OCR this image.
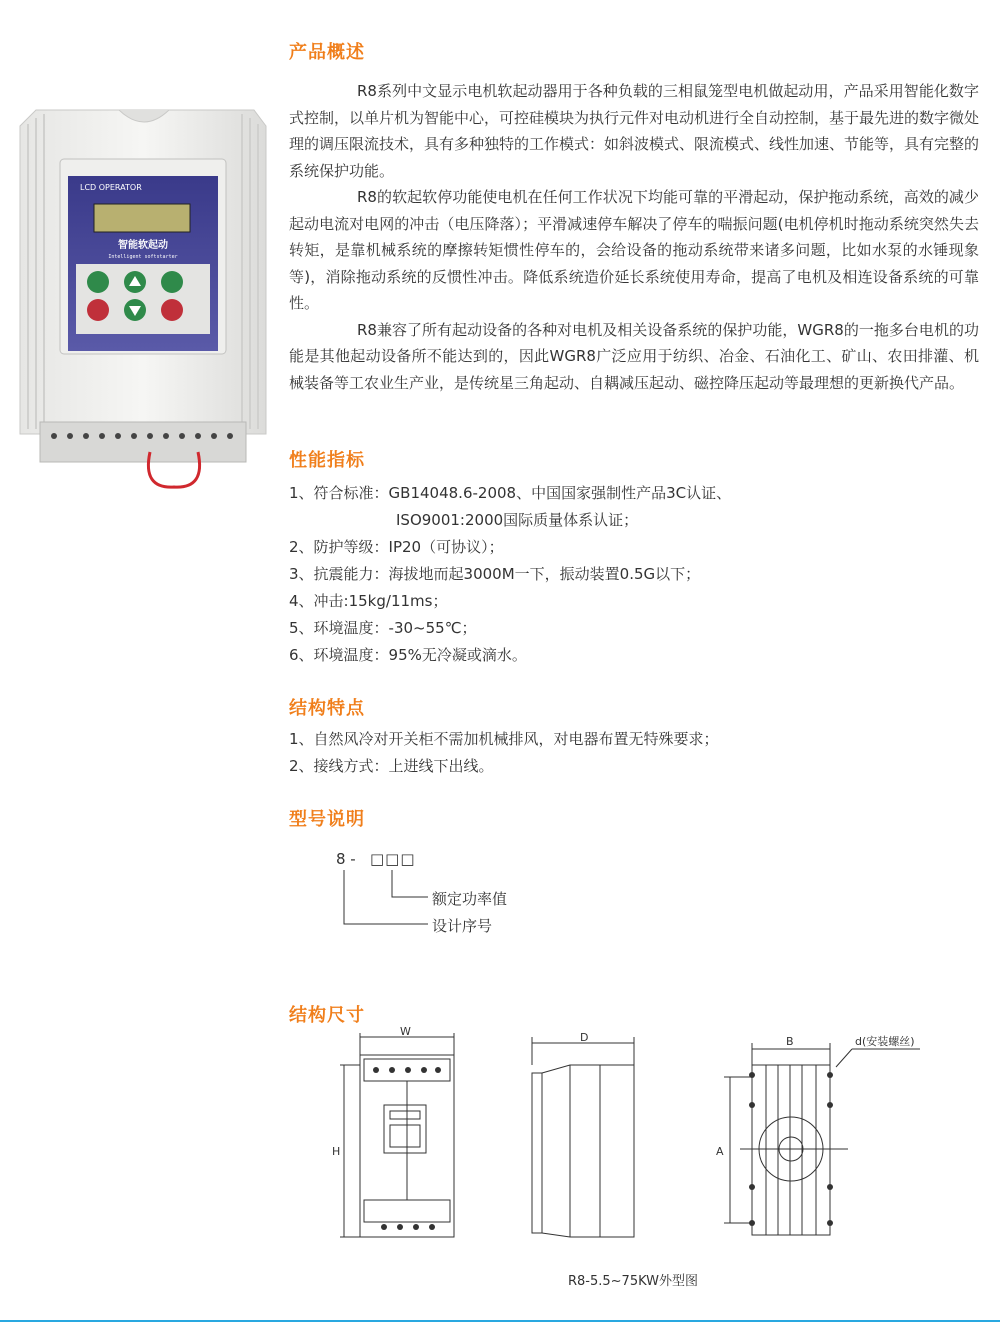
LCD OPERATOR
智能软起动
Intelligent softstarter
产品概述

R8系列中文显示电机软起动器用于各种负载的三相鼠笼型电机做起动用，产品采用智能化数字式控制，以单片机为智能中心，可控硅模块为执行元件对电动机进行全自动控制，基于最先进的数字微处理的调压限流技术，具有多种独特的工作模式：如斜波模式、限流模式、线性加速、节能等，具有完整的系统保护功能。

R8的软起软停功能使电机在任何工作状况下均能可靠的平滑起动，保护拖动系统，高效的减少起动电流对电网的冲击（电压降落）；平滑减速停车解决了停车的喘振问题(电机停机时拖动系统突然失去转矩，是靠机械系统的摩擦转矩惯性停车的，会给设备的拖动系统带来诸多问题，比如水泵的水锤现象等)，消除拖动系统的反惯性冲击。降低系统造价延长系统使用寿命，提高了电机及相连设备系统的可靠性。

R8兼容了所有起动设备的各种对电机及相关设备系统的保护功能，WGR8的一拖多台电机的功能是其他起动设备所不能达到的，因此WGR8广泛应用于纺织、冶金、石油化工、矿山、农田排灌、机械装备等工农业生产业，是传统星三角起动、自耦减压起动、磁控降压起动等最理想的更新换代产品。

性能指标
1、符合标准：GB14048.6-2008、中国国家强制性产品3C认证、
ISO9001:2000国际质量体系认证；
2、防护等级：IP20（可协议）；
3、抗震能力：海拔地而起3000M一下，振动装置0.5G以下；
4、冲击:15kg/11ms；
5、环境温度：-30~55℃；
6、环境温度：95%无冷凝或滴水。
结构特点
1、自然风冷对开关柜不需加机械排风，对电器布置无特殊要求；
2、接线方式：上进线下出线。
型号说明
8 - □□□
额定功率值
设计序号
结构尺寸
W
H
D	B	d(安装螺丝)
A
R8-5.5~75KW外型图
